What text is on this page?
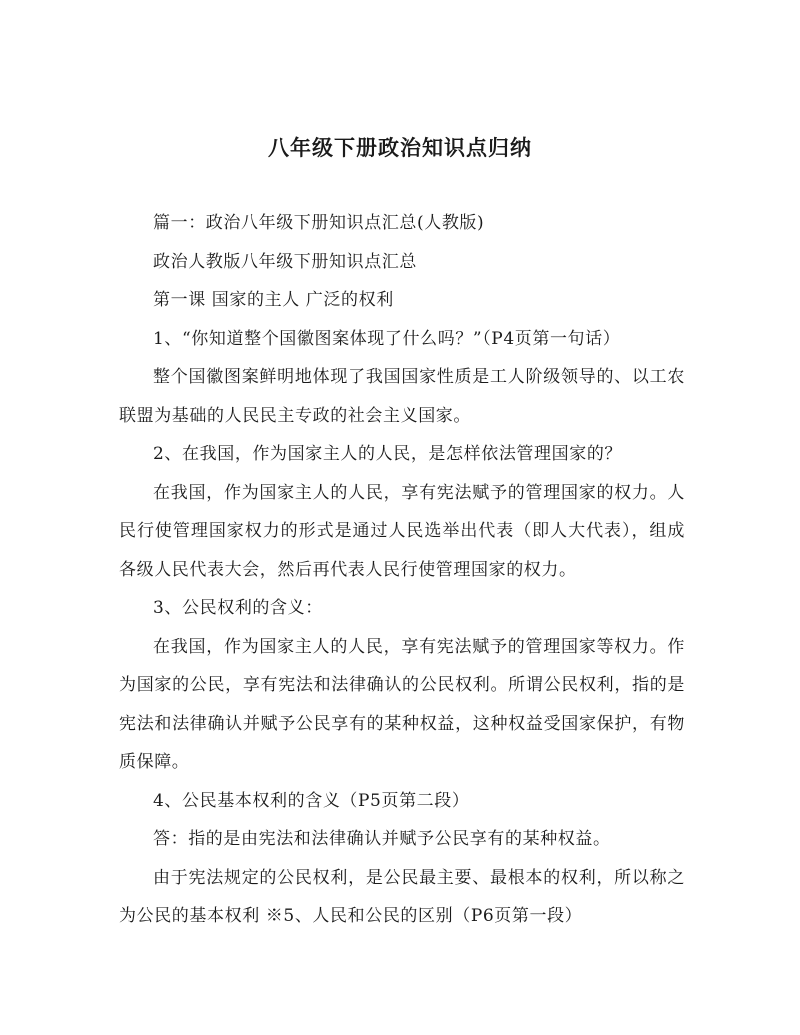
八年级下册政治知识点归纳

篇一：政治八年级下册知识点汇总(人教版)

政治人教版八年级下册知识点汇总

第一课 国家的主人 广泛的权利

1、“你知道整个国徽图案体现了什么吗？”（P4页第一句话）

整个国徽图案鲜明地体现了我国国家性质是工人阶级领导的、以工农联盟为基础的人民民主专政的社会主义国家。

2、在我国，作为国家主人的人民，是怎样依法管理国家的？

在我国，作为国家主人的人民，享有宪法赋予的管理国家的权力。人民行使管理国家权力的形式是通过人民选举出代表（即人大代表），组成各级人民代表大会，然后再代表人民行使管理国家的权力。

3、公民权利的含义：

在我国，作为国家主人的人民，享有宪法赋予的管理国家等权力。作为国家的公民，享有宪法和法律确认的公民权利。所谓公民权利，指的是宪法和法律确认并赋予公民享有的某种权益，这种权益受国家保护，有物质保障。

4、公民基本权利的含义（P5页第二段）

答：指的是由宪法和法律确认并赋予公民享有的某种权益。

由于宪法规定的公民权利，是公民最主要、最根本的权利，所以称之为公民的基本权利 ※5、人民和公民的区别（P6页第一段）
